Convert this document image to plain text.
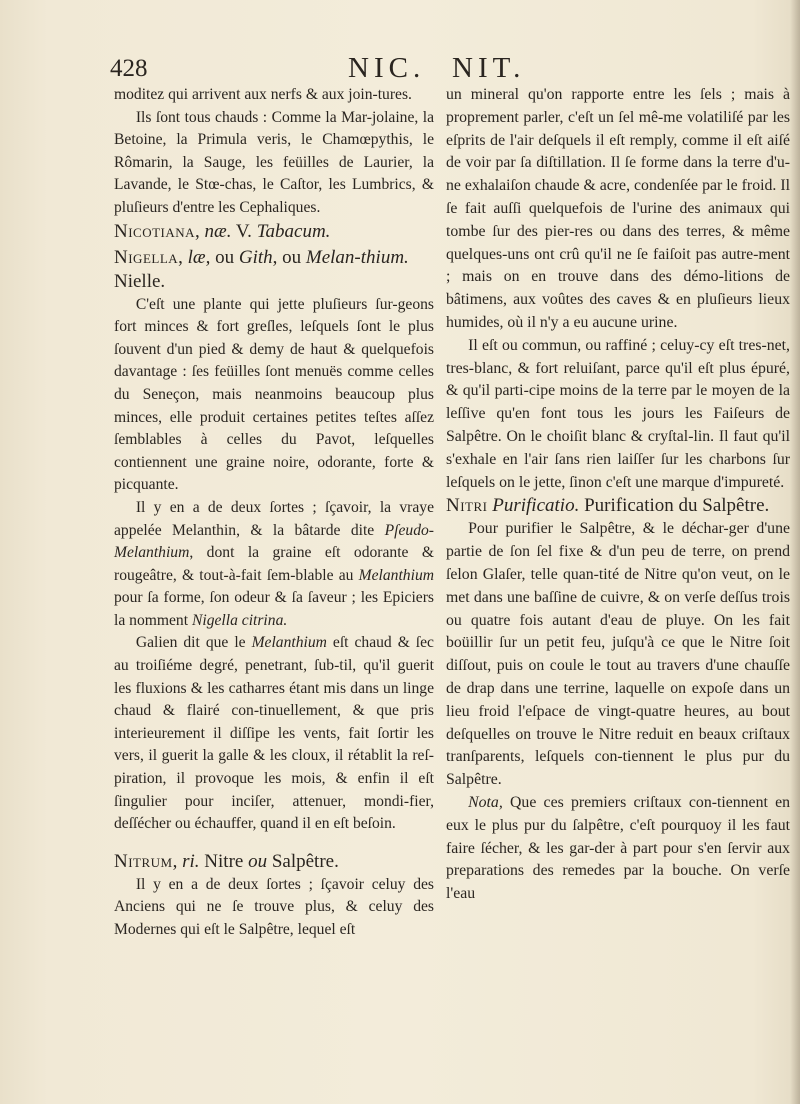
428	NIC. NIT.

moditez qui arrivent aux nerfs & aux join-tures.

Ils ſont tous chauds : Comme la Mar-jolaine, la Betoine, la Primula veris, le Chamœpythis, le Rômarin, la Sauge, les feüilles de Laurier, la Lavande, le Stœ-chas, le Caſtor, les Lumbrics, & pluſieurs d'entre les Cephaliques.

Nicotiana, næ. V. Tabacum.

Nigella, læ, ou Gith, ou Melan-thium. Nielle.

C'eſt une plante qui jette pluſieurs ſur-geons fort minces & fort greſles, leſquels ſont le plus ſouvent d'un pied & demy de haut & quelquefois davantage : ſes feüilles ſont menuës comme celles du Seneçon, mais neanmoins beaucoup plus minces, elle produit certaines petites teſtes aſſez ſemblables à celles du Pavot, leſquelles contiennent une graine noire, odorante, forte & picquante.

Il y en a de deux ſortes ; ſçavoir, la vraye appelée Melanthin, & la bâtarde dite Pſeudo-Melanthium, dont la graine eſt odorante & rougeâtre, & tout-à-fait ſem-blable au Melanthium pour ſa forme, ſon odeur & ſa ſaveur ; les Epiciers la nomment Nigella citrina.

Galien dit que le Melanthium eſt chaud & ſec au troiſiéme degré, penetrant, ſub-til, qu'il guerit les fluxions & les catharres étant mis dans un linge chaud & flairé con-tinuellement, & que pris interieurement il diſſipe les vents, fait ſortir les vers, il guerit la galle & les cloux, il rétablit la reſ-piration, il provoque les mois, & enfin il eſt ſingulier pour inciſer, attenuer, mondi-fier, deſſécher ou échauffer, quand il en eſt beſoin.

Nitrum, ri. Nitre ou Salpêtre.

Il y en a de deux ſortes ; ſçavoir celuy des Anciens qui ne ſe trouve plus, & celuy des Modernes qui eſt le Salpêtre, lequel eſt

un mineral qu'on rapporte entre les ſels ; mais à proprement parler, c'eſt un ſel mê-me volatiliſé par les eſprits de l'air deſquels il eſt remply, comme il eſt aiſé de voir par ſa diſtillation. Il ſe forme dans la terre d'u-ne exhalaiſon chaude & acre, condenſée par le froid. Il ſe fait auſſi quelquefois de l'urine des animaux qui tombe ſur des pier-res ou dans des terres, & même quelques-uns ont crû qu'il ne ſe faiſoit pas autre-ment ; mais on en trouve dans des démo-litions de bâtimens, aux voûtes des caves & en pluſieurs lieux humides, où il n'y a eu aucune urine.

Il eſt ou commun, ou raffiné ; celuy-cy eſt tres-net, tres-blanc, & fort reluiſant, parce qu'il eſt plus épuré, & qu'il parti-cipe moins de la terre par le moyen de la leſſive qu'en font tous les jours les Faiſeurs de Salpêtre. On le choiſit blanc & cryſtal-lin. Il faut qu'il s'exhale en l'air ſans rien laiſſer ſur les charbons ſur leſquels on le jette, ſinon c'eſt une marque d'impureté.

Nitri Purificatio. Purification du Salpêtre.

Pour purifier le Salpêtre, & le déchar-ger d'une partie de ſon ſel fixe & d'un peu de terre, on prend ſelon Glaſer, telle quan-tité de Nitre qu'on veut, on le met dans une baſſine de cuivre, & on verſe deſſus trois ou quatre fois autant d'eau de pluye. On les fait boüillir ſur un petit feu, juſqu'à ce que le Nitre ſoit diſſout, puis on coule le tout au travers d'une chauſſe de drap dans une terrine, laquelle on expoſe dans un lieu froid l'eſpace de vingt-quatre heures, au bout deſquelles on trouve le Nitre reduit en beaux criſtaux tranſparents, leſquels con-tiennent le plus pur du Salpêtre.

Nota, Que ces premiers criſtaux con-tiennent en eux le plus pur du ſalpêtre, c'eſt pourquoy il les faut faire ſécher, & les gar-der à part pour s'en ſervir aux preparations des remedes par la bouche. On verſe l'eau
